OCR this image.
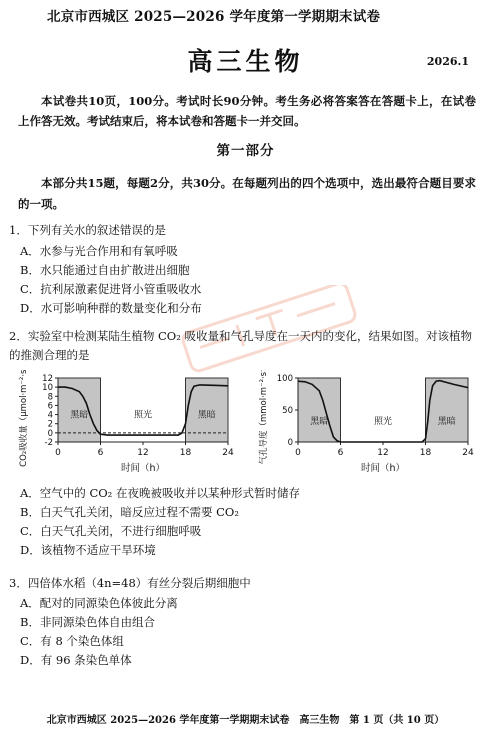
北京市西城区 2025—2026 学年度第一学期期末试卷
高三生物	2026.1
本试卷共10页，100分。考试时长90分钟。考生务必将答案答在答题卡上，在试卷上作答无效。考试结束后，将本试卷和答题卡一并交回。
第一部分
本部分共15题，每题2分，共30分。在每题列出的四个选项中，选出最符合题目要求的一项。
1．下列有关水的叙述错误的是
A．水参与光合作用和有氧呼吸
B．水只能通过自由扩散进出细胞
C．抗利尿激素促进肾小管重吸收水
D．水可影响种群的数量变化和分布
2．实验室中检测某陆生植物 CO₂ 吸收量和气孔导度在一天内的变化，结果如图。对该植物的推测合理的是
-2
0
2
4
6
8
10
12
0	6	12	18	24
时间（h）
CO₂吸收量（μmol·m⁻²·s⁻¹）	黑暗	照光	黑暗
0
50
100
0	6	12	18	24
时间（h）
气孔导度（mmol·m⁻²·s⁻¹）	黑暗	照光	黑暗
A．空气中的 CO₂ 在夜晚被吸收并以某种形式暂时储存
B．白天气孔关闭，暗反应过程不需要 CO₂
C．白天气孔关闭，不进行细胞呼吸
D．该植物不适应干旱环境
3．四倍体水稻（4n=48）有丝分裂后期细胞中
A．配对的同源染色体彼此分离
B．非同源染色体自由组合
C．有 8 个染色体组
D．有 96 条染色单体
北京市西城区 2025—2026 学年度第一学期期末试卷　高三生物　第 1 页（共 10 页）
